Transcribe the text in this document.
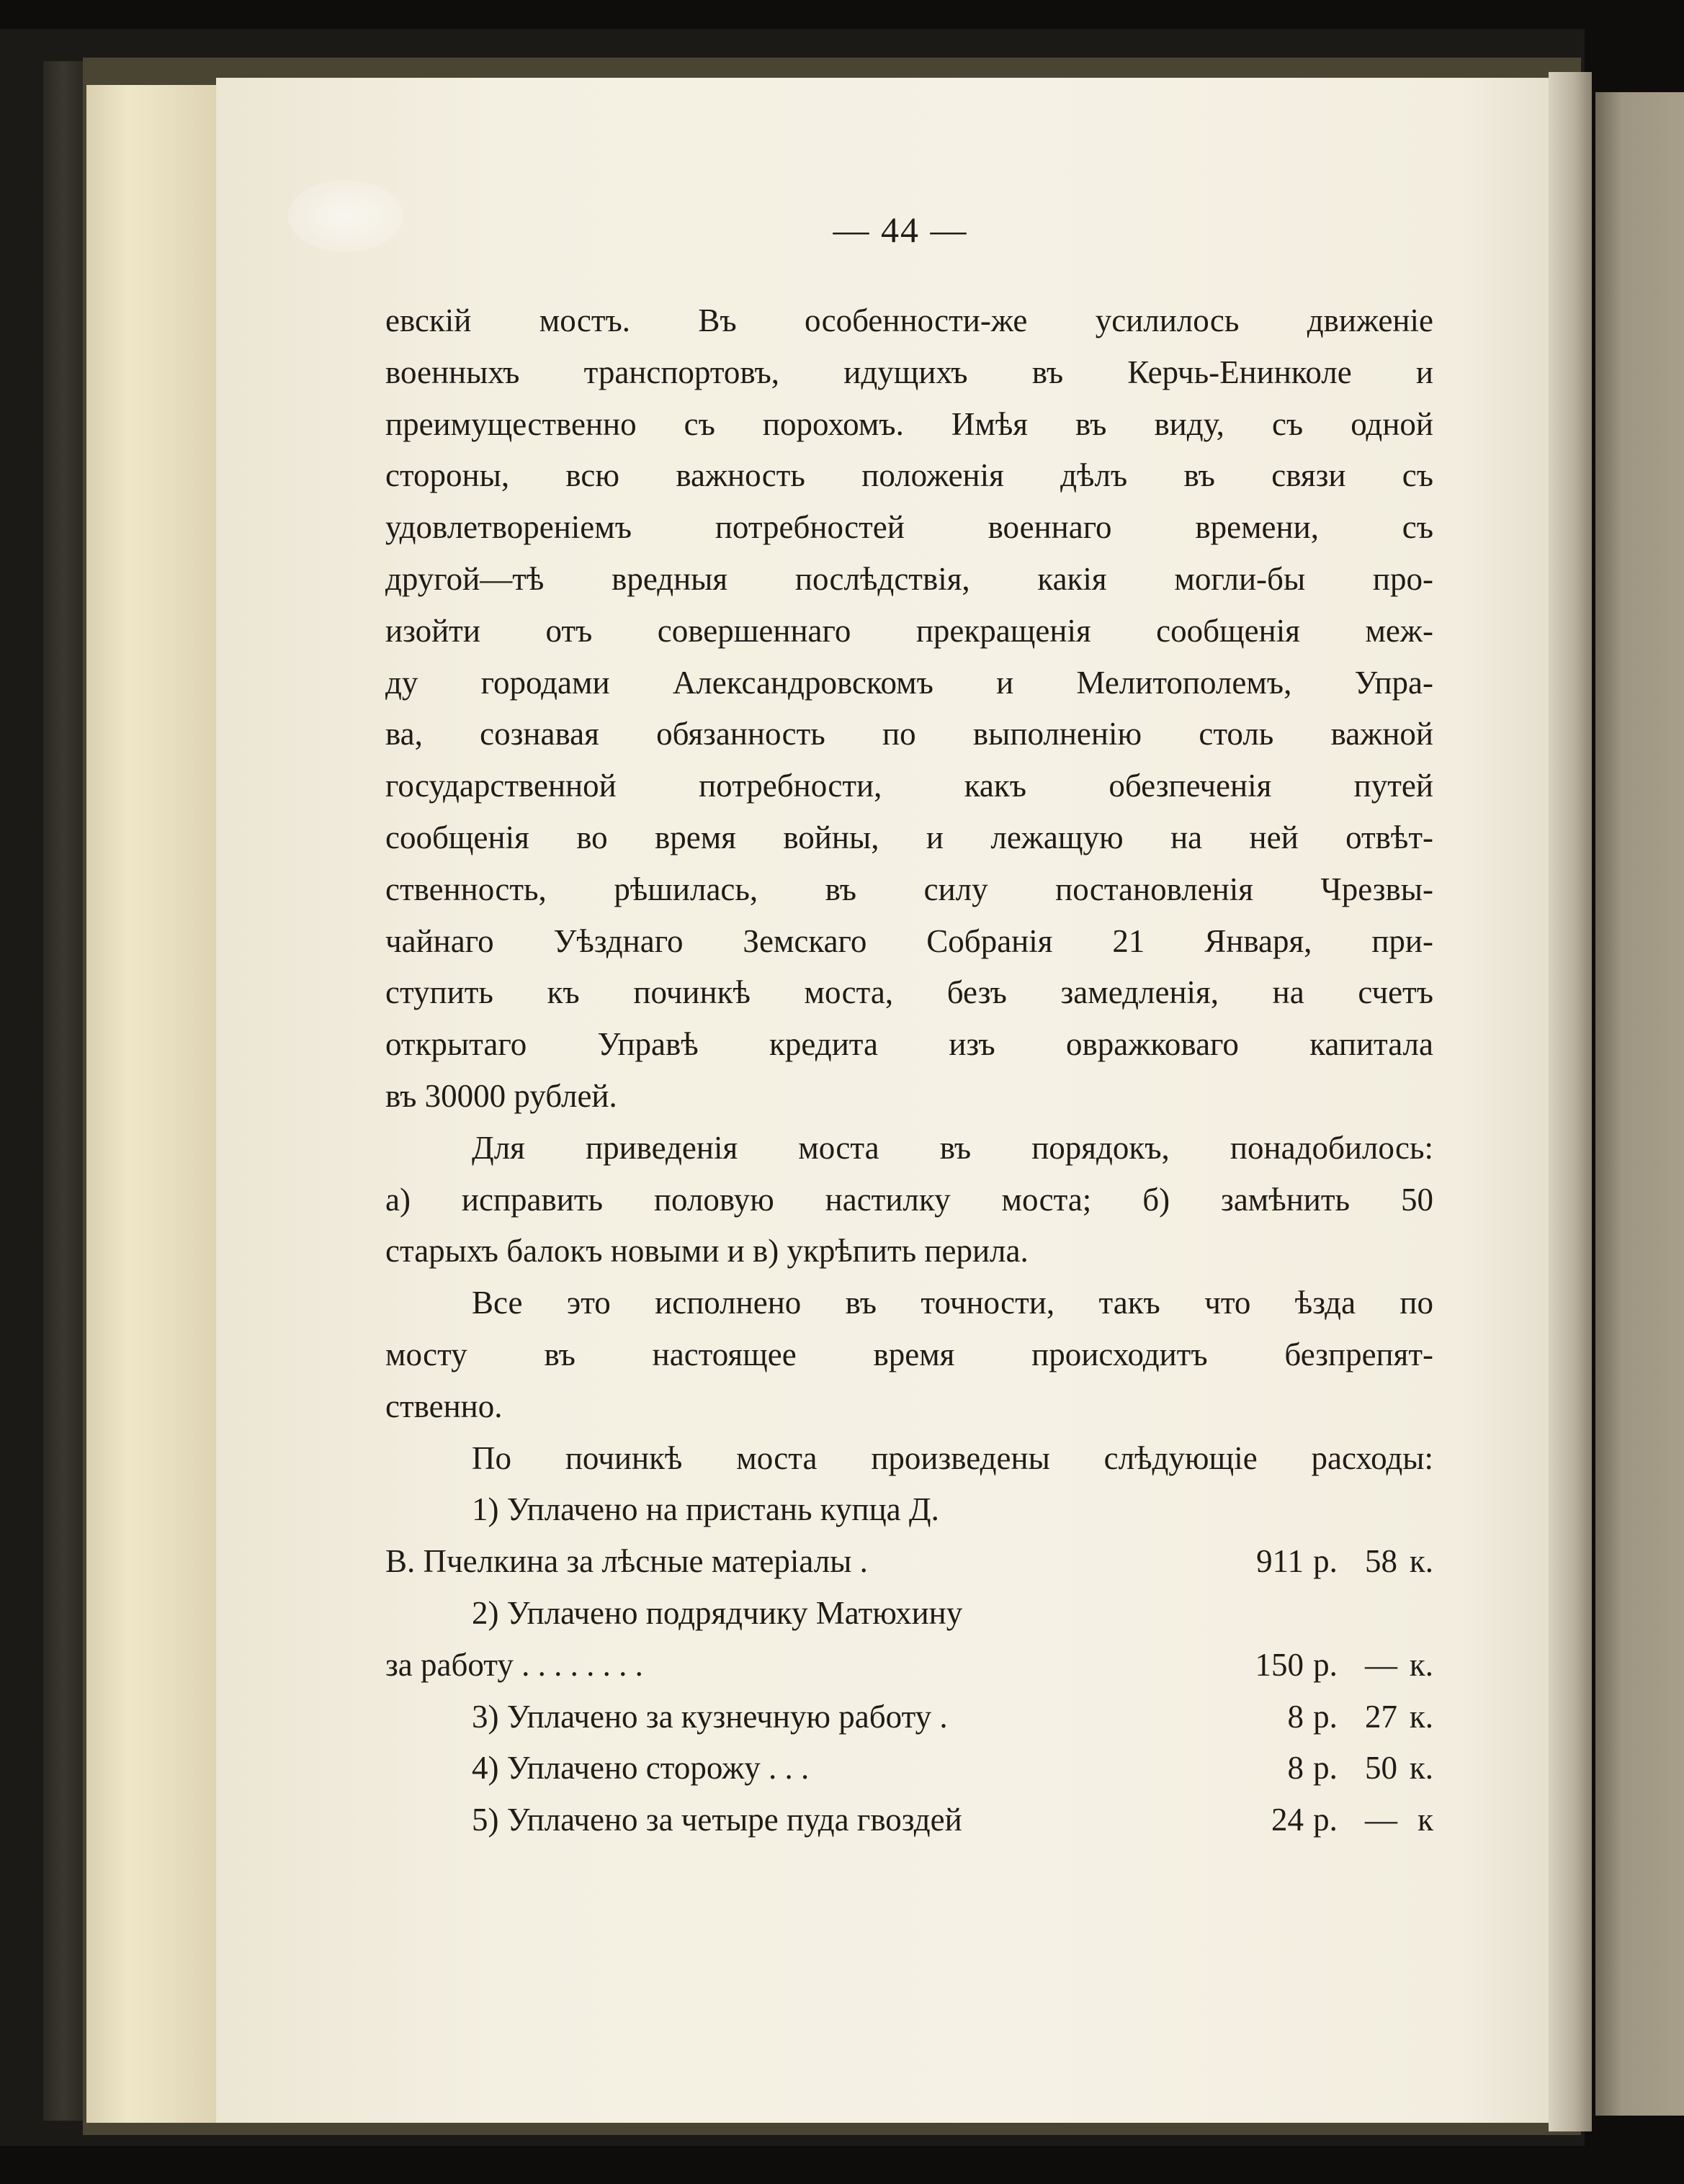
— 44 —
евскій мостъ. Въ особенности-же усилилось движеніе
военныхъ транспортовъ, идущихъ въ Керчь-Енинколе и
преимущественно съ порохомъ. Имѣя въ виду, съ одной
стороны, всю важность положенія дѣлъ въ связи съ
удовлетвореніемъ потребностей военнаго времени, съ
другой—тѣ вредныя послѣдствія, какія могли-бы про-
изойти отъ совершеннаго прекращенія сообщенія меж-
ду городами Александровскомъ и Мелитополемъ, Упра-
ва, сознавая обязанность по выполненію столь важной
государственной потребности, какъ обезпеченія путей
сообщенія во время войны, и лежащую на ней отвѣт-
ственность, рѣшилась, въ силу постановленія Чрезвы-
чайнаго Уѣзднаго Земскаго Собранія 21 Января, при-
ступить къ починкѣ моста, безъ замедленія, на счетъ
открытаго Управѣ кредита изъ овражковаго капитала
въ 30000 рублей.
Для приведенія моста въ порядокъ, понадобилось:
а) исправить половую настилку моста; б) замѣнить 50
старыхъ балокъ новыми и в) укрѣпить перила.
Все это исполнено въ точности, такъ что ѣзда по
мосту въ настоящее время происходитъ безпрепят-
ственно.
По починкѣ моста произведены слѣдующіе расходы:
1) Уплачено на пристань купца Д.
В. Пчелкина за лѣсные матеріалы .	911 р. 58 к.
2) Уплачено подрядчику Матюхину
за работу . . . . . . . .	150 р. — к.
3) Уплачено за кузнечную работу .	8 р. 27 к.
4) Уплачено сторожу . . .	8 р. 50 к.
5) Уплачено за четыре пуда гвоздей	24 р. — к
